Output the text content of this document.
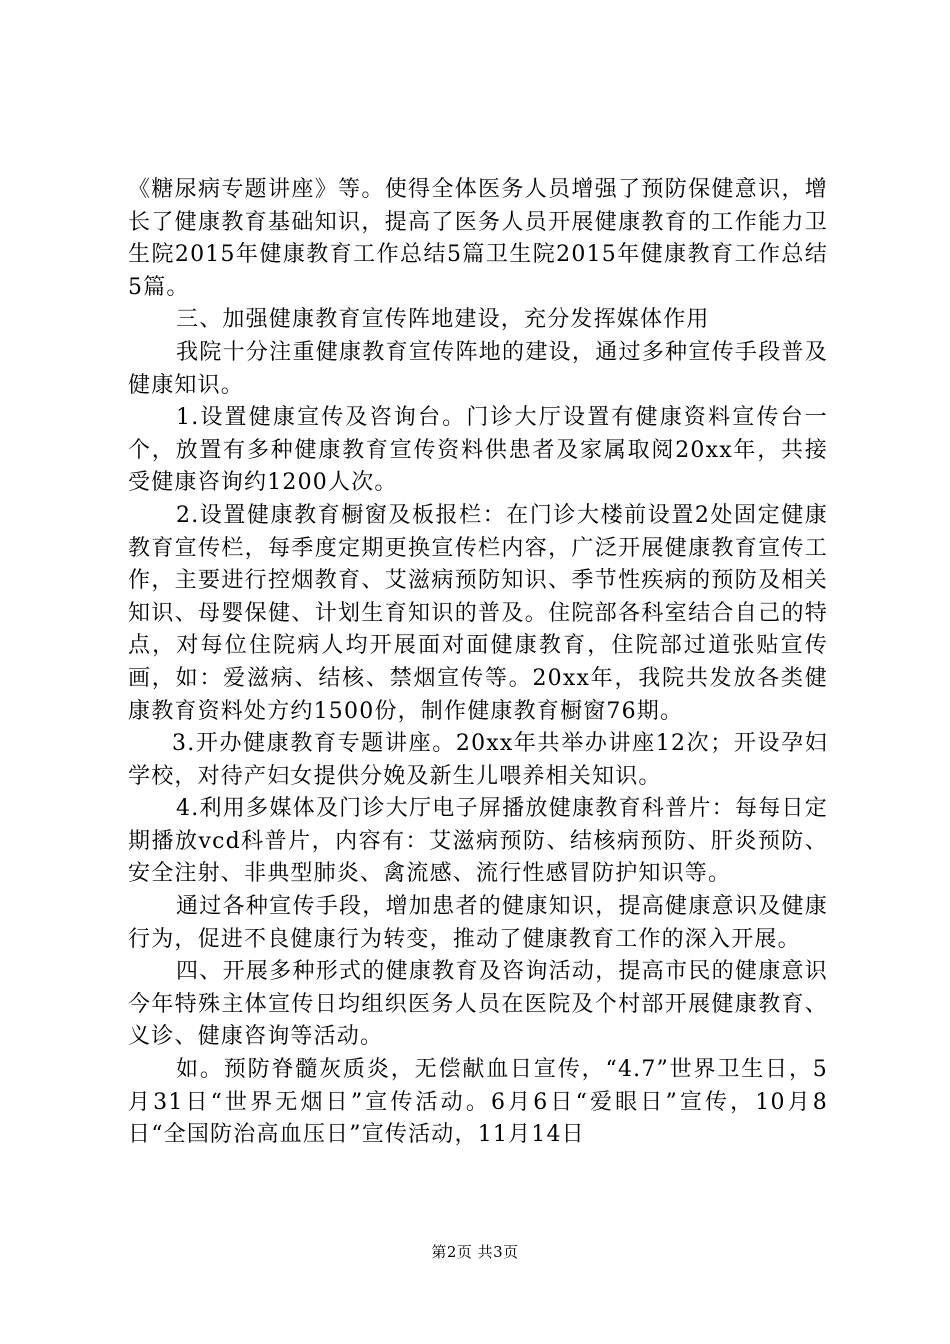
《糖尿病专题讲座》等。使得全体医务人员增强了预防保健意识，增长了健康教育基础知识，提高了医务人员开展健康教育的工作能力卫生院2015年健康教育工作总结5篇卫生院2015年健康教育工作总结5篇。

三、加强健康教育宣传阵地建设，充分发挥媒体作用

我院十分注重健康教育宣传阵地的建设，通过多种宣传手段普及健康知识。

1.设置健康宣传及咨询台。门诊大厅设置有健康资料宣传台一个，放置有多种健康教育宣传资料供患者及家属取阅20xx年，共接受健康咨询约1200人次。

2.设置健康教育橱窗及板报栏：在门诊大楼前设置2处固定健康教育宣传栏，每季度定期更换宣传栏内容，广泛开展健康教育宣传工作，主要进行控烟教育、艾滋病预防知识、季节性疾病的预防及相关知识、母婴保健、计划生育知识的普及。住院部各科室结合自己的特点，对每位住院病人均开展面对面健康教育，住院部过道张贴宣传画，如：爱滋病、结核、禁烟宣传等。20xx年，我院共发放各类健康教育资料处方约1500份，制作健康教育橱窗76期。

3.开办健康教育专题讲座。20xx年共举办讲座12次；开设孕妇学校，对待产妇女提供分娩及新生儿喂养相关知识。

4.利用多媒体及门诊大厅电子屏播放健康教育科普片：每每日定期播放vcd科普片，内容有：艾滋病预防、结核病预防、肝炎预防、安全注射、非典型肺炎、禽流感、流行性感冒防护知识等。

通过各种宣传手段，增加患者的健康知识，提高健康意识及健康行为，促进不良健康行为转变，推动了健康教育工作的深入开展。

四、开展多种形式的健康教育及咨询活动，提高市民的健康意识今年特殊主体宣传日均组织医务人员在医院及个村部开展健康教育、义诊、健康咨询等活动。

如。预防脊髓灰质炎，无偿献血日宣传，“4.7”世界卫生日，5月31日“世界无烟日”宣传活动。6月6日“爱眼日”宣传，10月8日“全国防治高血压日”宣传活动，11月14日

第2页 共3页
